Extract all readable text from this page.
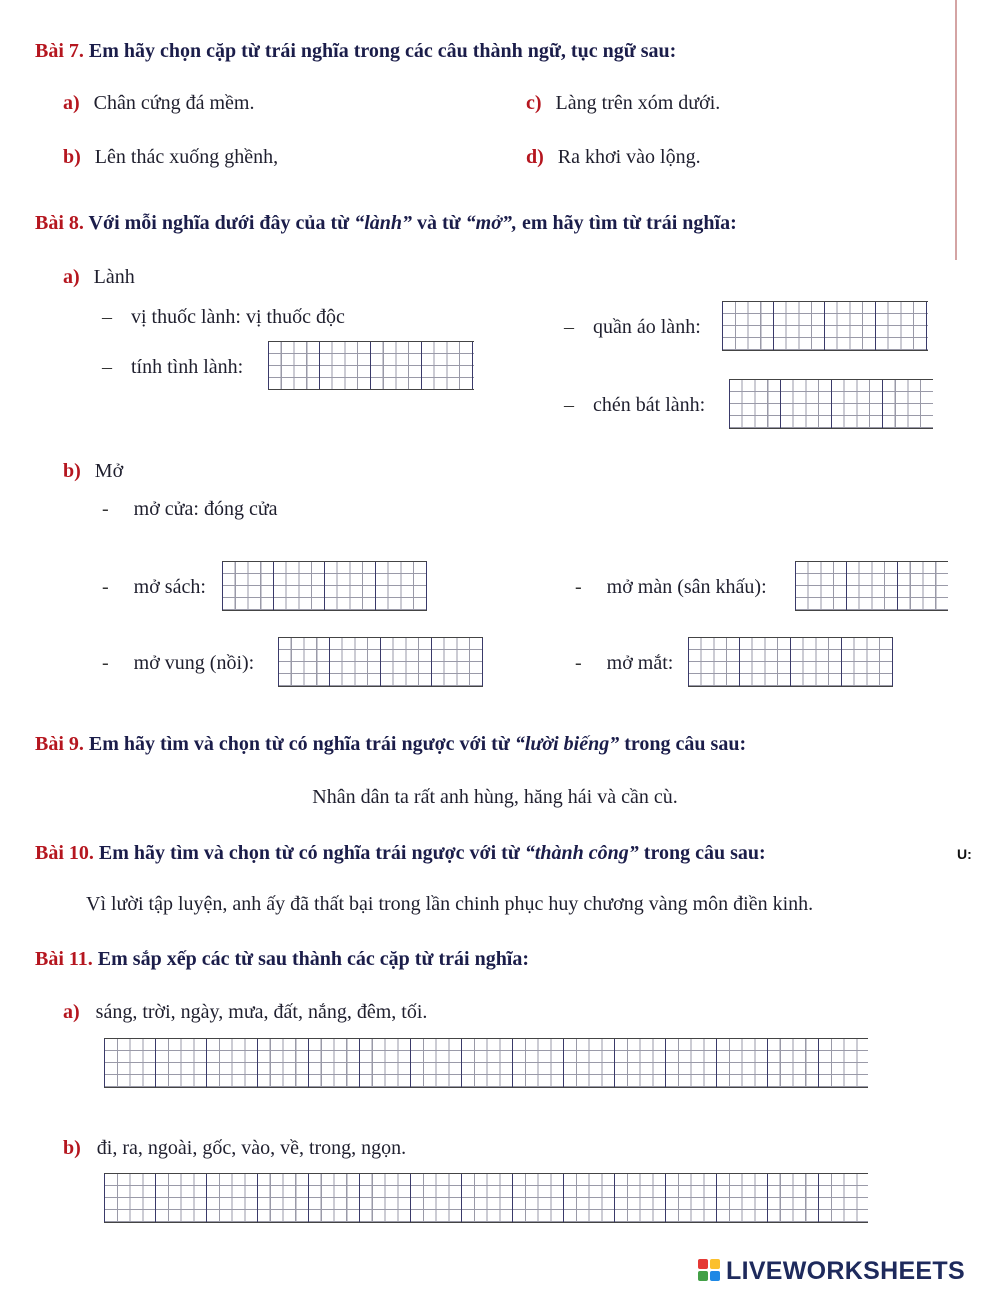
Bài 7. Em hãy chọn cặp từ trái nghĩa trong các câu thành ngữ, tục ngữ sau:
a) Chân cứng đá mềm.
b) Lên thác xuống ghềnh,
c) Làng trên xóm dưới.
d) Ra khơi vào lộng.
Bài 8. Với mỗi nghĩa dưới đây của từ “lành” và từ “mở”, em hãy tìm từ trái nghĩa:
a) Lành
– vị thuốc lành: vị thuốc độc
– tính tình lành:
– quần áo lành:
– chén bát lành:
b) Mở
- mở cửa: đóng cửa
- mở sách:	- mở màn (sân khấu):
- mở vung (nồi):	- mở mắt:
Bài 9. Em hãy tìm và chọn từ có nghĩa trái ngược với từ “lười biếng” trong câu sau:
Nhân dân ta rất anh hùng, hăng hái và cần cù.
Bài 10. Em hãy tìm và chọn từ có nghĩa trái ngược với từ “thành công” trong câu sau:	U:
Vì lười tập luyện, anh ấy đã thất bại trong lần chinh phục huy chương vàng môn điền kinh.
Bài 11. Em sắp xếp các từ sau thành các cặp từ trái nghĩa:
a) sáng, trời, ngày, mưa, đất, nắng, đêm, tối.
b) đi, ra, ngoài, gốc, vào, về, trong, ngọn.
LIVEWORKSHEETS
